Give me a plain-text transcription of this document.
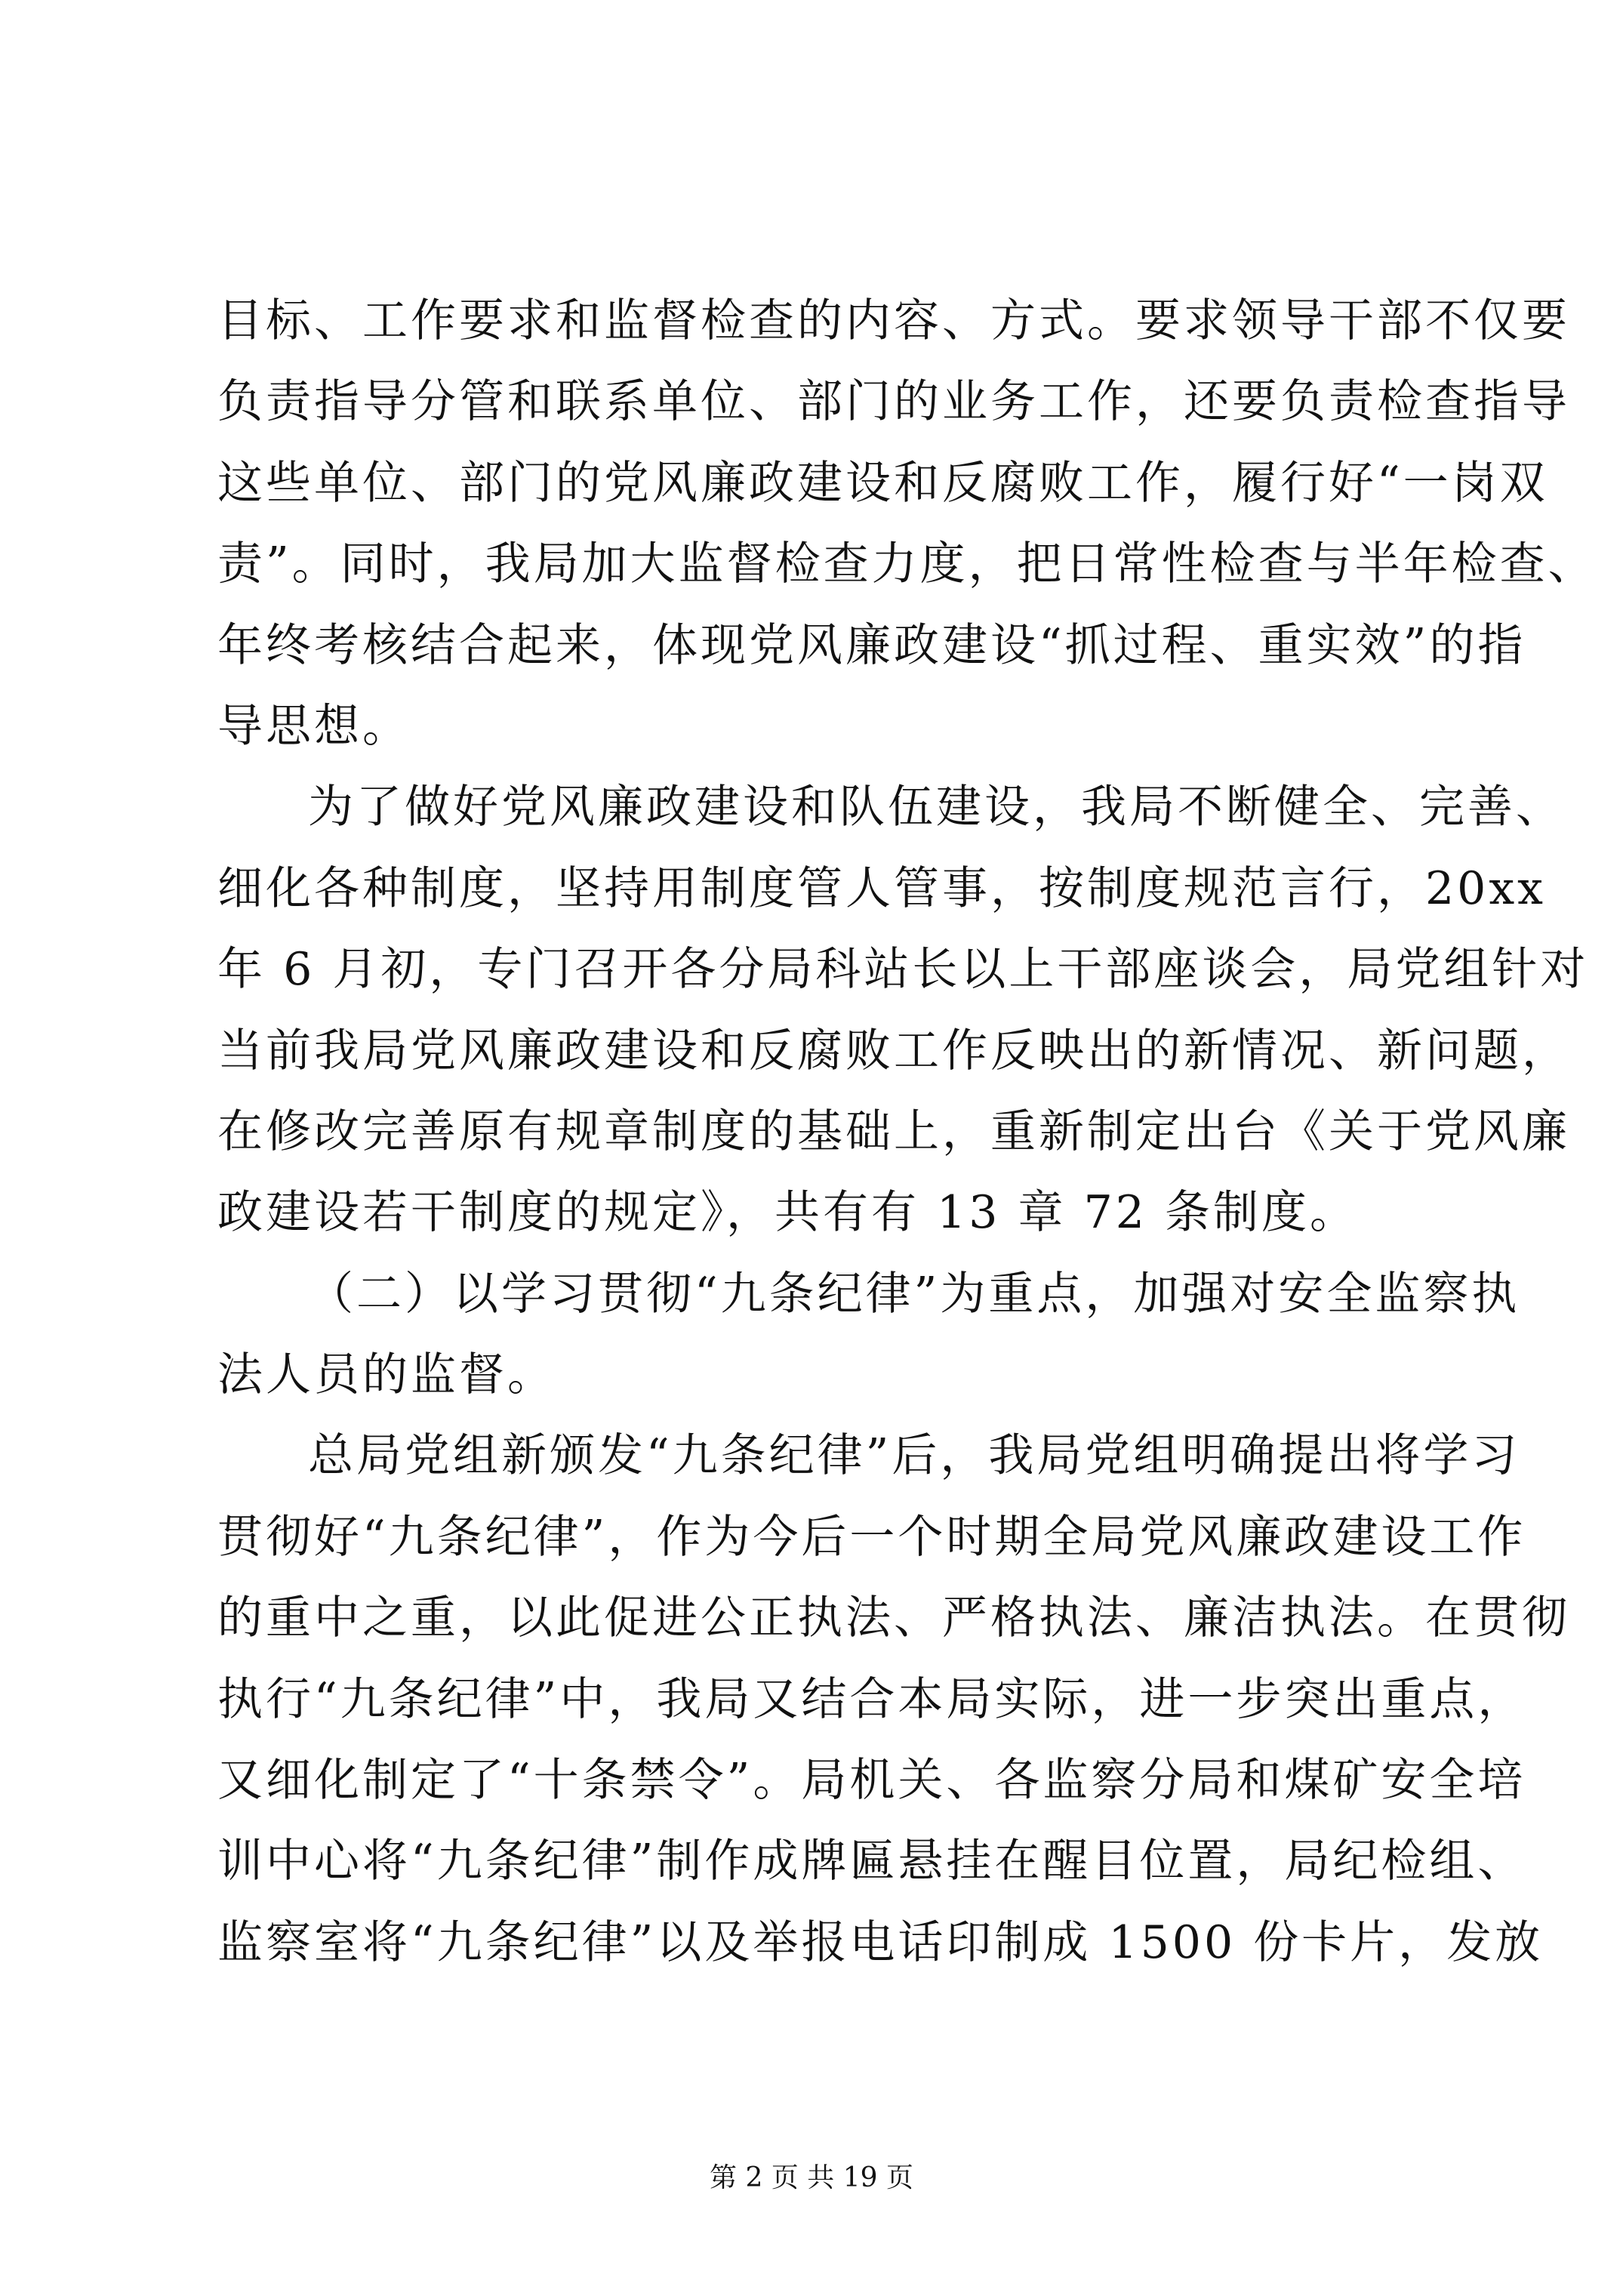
目标、工作要求和监督检查的内容、方式。要求领导干部不仅要
负责指导分管和联系单位、部门的业务工作，还要负责检查指导
这些单位、部门的党风廉政建设和反腐败工作，履行好“一岗双
责”。同时，我局加大监督检查力度，把日常性检查与半年检查、
年终考核结合起来，体现党风廉政建设“抓过程、重实效”的指
导思想。
为了做好党风廉政建设和队伍建设，我局不断健全、完善、
细化各种制度，坚持用制度管人管事，按制度规范言行，20xx
年 6 月初，专门召开各分局科站长以上干部座谈会，局党组针对
当前我局党风廉政建设和反腐败工作反映出的新情况、新问题，
在修改完善原有规章制度的基础上，重新制定出台《关于党风廉
政建设若干制度的规定》，共有有 13 章 72 条制度。
（二）以学习贯彻“九条纪律”为重点，加强对安全监察执
法人员的监督。
总局党组新颁发“九条纪律”后，我局党组明确提出将学习
贯彻好“九条纪律”，作为今后一个时期全局党风廉政建设工作
的重中之重，以此促进公正执法、严格执法、廉洁执法。在贯彻
执行“九条纪律”中，我局又结合本局实际，进一步突出重点，
又细化制定了“十条禁令”。局机关、各监察分局和煤矿安全培
训中心将“九条纪律”制作成牌匾悬挂在醒目位置，局纪检组、
监察室将“九条纪律”以及举报电话印制成 1500 份卡片，发放
第 2 页 共 19 页
